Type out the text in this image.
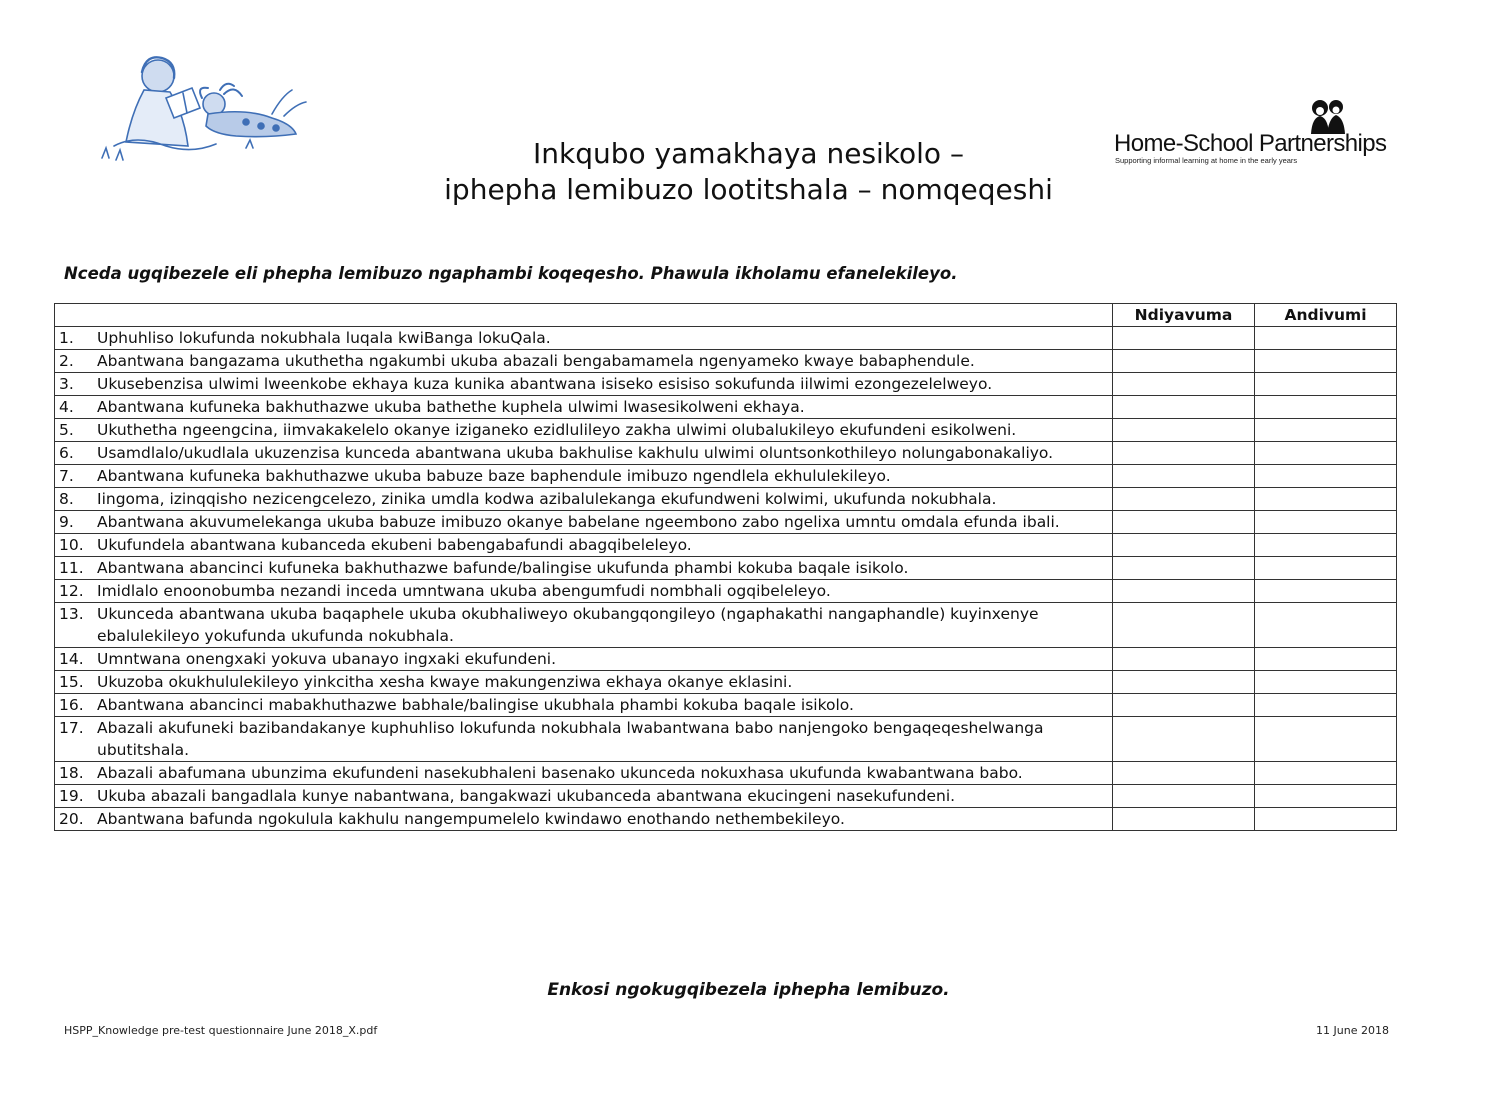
Home-School Partnerships
Supporting informal learning at home in the early years
Inkqubo yamakhaya nesikolo –
iphepha lemibuzo lootitshala – nomqeqeshi
Nceda ugqibezele eli phepha lemibuzo ngaphambi koqeqesho. Phawula ikholamu efanelekileyo.
	Ndiyavuma	Andivumi

1. Uphuhliso lokufunda nokubhala luqala kwiBanga lokuQala.		

2. Abantwana bangazama ukuthetha ngakumbi ukuba abazali bengabamamela ngenyameko kwaye babaphendule.		

3. Ukusebenzisa ulwimi lweenkobe ekhaya kuza kunika abantwana isiseko esisiso sokufunda iilwimi ezongezelelweyo.		

4. Abantwana kufuneka bakhuthazwe ukuba bathethe kuphela ulwimi lwasesikolweni ekhaya.		

5. Ukuthetha ngeengcina, iimvakakelelo okanye iziganeko ezidlulileyo zakha ulwimi olubalukileyo ekufundeni esikolweni.		

6. Usamdlalo/ukudlala ukuzenzisa kunceda abantwana ukuba bakhulise kakhulu ulwimi oluntsonkothileyo nolungabonakaliyo.		

7. Abantwana kufuneka bakhuthazwe ukuba babuze baze baphendule imibuzo ngendlela ekhululekileyo.		

8. Iingoma, izinqqisho nezicengcelezo, zinika umdla kodwa azibalulekanga ekufundweni kolwimi, ukufunda nokubhala.		

9. Abantwana akuvumelekanga ukuba babuze imibuzo okanye babelane ngeembono zabo ngelixa umntu omdala efunda ibali.		

10. Ukufundela abantwana kubanceda ekubeni babengabafundi abagqibeleleyo.		

11. Abantwana abancinci kufuneka bakhuthazwe bafunde/balingise ukufunda phambi kokuba baqale isikolo.		

12. Imidlalo enoonobumba nezandi inceda umntwana ukuba abengumfudi nombhali ogqibeleleyo.		

13. Ukunceda abantwana ukuba baqaphele ukuba okubhaliweyo okubangqongileyo (ngaphakathi nangaphandle) kuyinxenye ebalulekileyo yokufunda ukufunda nokubhala.		

14. Umntwana onengxaki yokuva ubanayo ingxaki ekufundeni.		

15. Ukuzoba okukhululekileyo yinkcitha xesha kwaye makungenziwa ekhaya okanye eklasini.		

16. Abantwana abancinci mabakhuthazwe babhale/balingise ukubhala phambi kokuba baqale isikolo.		

17. Abazali akufuneki bazibandakanye kuphuhliso lokufunda nokubhala lwabantwana babo nanjengoko bengaqeqeshelwanga ubutitshala.		

18. Abazali abafumana ubunzima ekufundeni nasekubhaleni basenako ukunceda nokuxhasa ukufunda kwabantwana babo.		

19. Ukuba abazali bangadlala kunye nabantwana, bangakwazi ukubanceda abantwana ekucingeni nasekufundeni.		

20. Abantwana bafunda ngokulula kakhulu nangempumelelo kwindawo enothando nethembekileyo.		

Enkosi ngokugqibezela iphepha lemibuzo.
HSPP_Knowledge pre-test questionnaire June 2018_X.pdf	11 June 2018
